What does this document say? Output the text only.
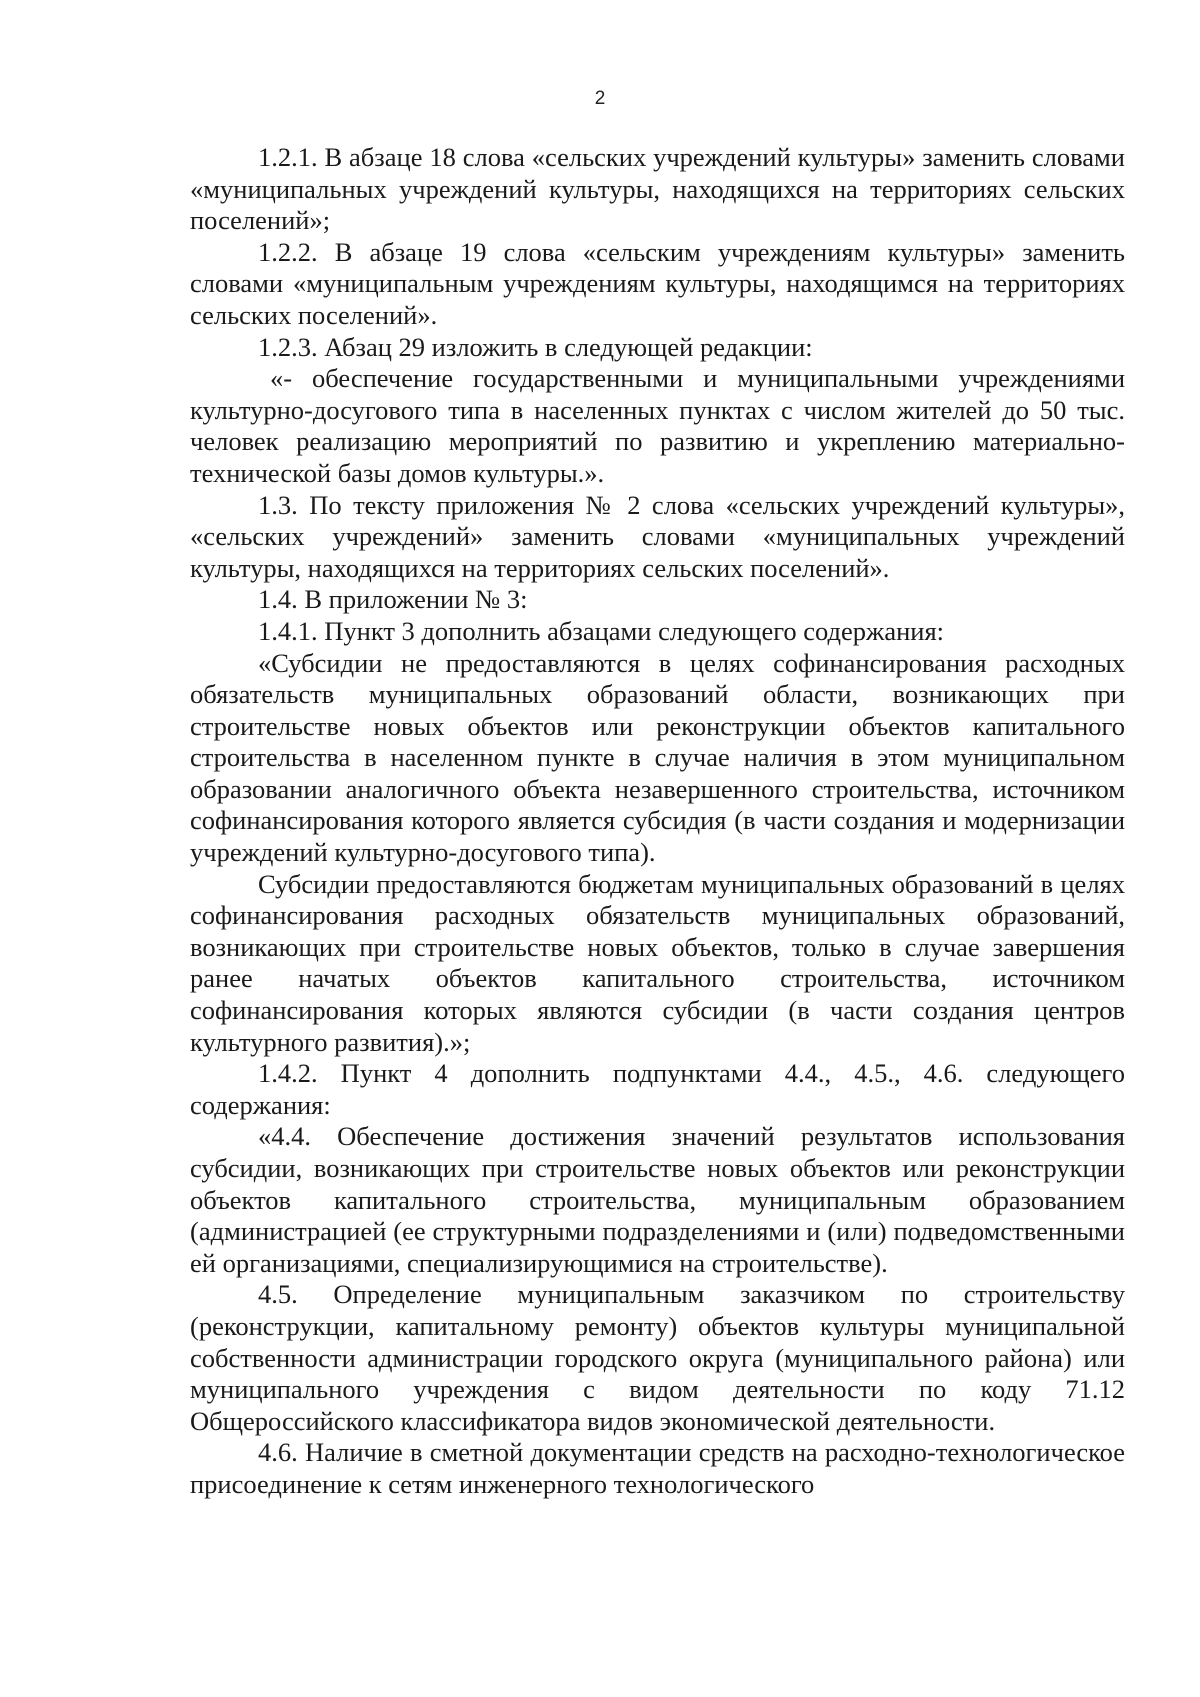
2

1.2.1. В абзаце 18 слова «сельских учреждений культуры» заменить словами «муниципальных учреждений культуры, находящихся на территориях сельских поселений»;

1.2.2. В абзаце 19 слова «сельским учреждениям культуры» заменить словами «муниципальным учреждениям культуры, находящимся на территориях сельских поселений».

1.2.3. Абзац 29 изложить в следующей редакции:

«- обеспечение государственными и муниципальными учреждениями культурно-досугового типа в населенных пунктах с числом жителей до 50 тыс. человек реализацию мероприятий по развитию и укреплению материально-технической базы домов культуры.».

1.3. По тексту приложения № 2 слова «сельских учреждений культуры», «сельских учреждений» заменить словами «муниципальных учреждений культуры, находящихся на территориях сельских поселений».

1.4. В приложении № 3:

1.4.1. Пункт 3 дополнить абзацами следующего содержания:

«Субсидии не предоставляются в целях софинансирования расходных обязательств муниципальных образований области, возникающих при строительстве новых объектов или реконструкции объектов капитального строительства в населенном пункте в случае наличия в этом муниципальном образовании аналогичного объекта незавершенного строительства, источником софинансирования которого является субсидия (в части создания и модернизации учреждений культурно-досугового типа).

Субсидии предоставляются бюджетам муниципальных образований в целях софинансирования расходных обязательств муниципальных образований, возникающих при строительстве новых объектов, только в случае завершения ранее начатых объектов капитального строительства, источником софинансирования которых являются субсидии (в части создания центров культурного развития).»;

1.4.2. Пункт 4 дополнить подпунктами 4.4., 4.5., 4.6. следующего содержания:

«4.4. Обеспечение достижения значений результатов использования субсидии, возникающих при строительстве новых объектов или реконструкции объектов капитального строительства, муниципальным образованием (администрацией (ее структурными подразделениями и (или) подведомственными ей организациями, специализирующимися на строительстве).

4.5. Определение муниципальным заказчиком по строительству (реконструкции, капитальному ремонту) объектов культуры муниципальной собственности администрации городского округа (муниципального района) или муниципального учреждения с видом деятельности по коду 71.12 Общероссийского классификатора видов экономической деятельности.

4.6. Наличие в сметной документации средств на расходно-технологическое присоединение к сетям инженерного технологического
